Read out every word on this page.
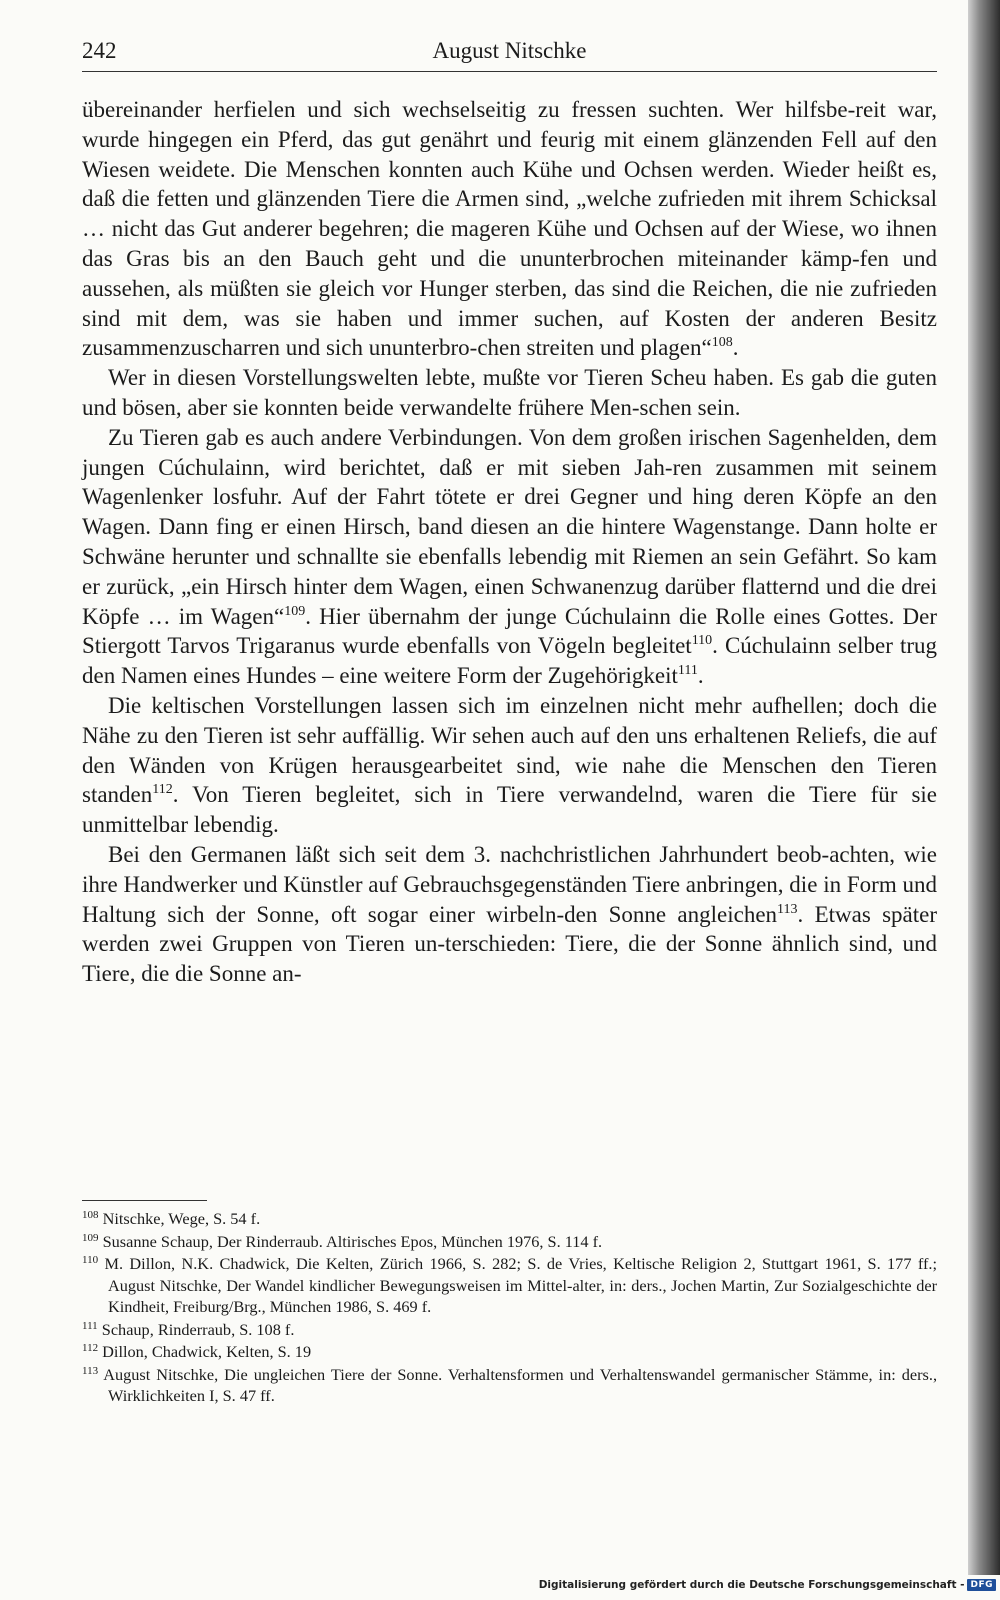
242	August Nitschke

übereinander herfielen und sich wechselseitig zu fressen suchten. Wer hilfsbe-reit war, wurde hingegen ein Pferd, das gut genährt und feurig mit einem glänzenden Fell auf den Wiesen weidete. Die Menschen konnten auch Kühe und Ochsen werden. Wieder heißt es, daß die fetten und glänzenden Tiere die Armen sind, „welche zufrieden mit ihrem Schicksal … nicht das Gut anderer begehren; die mageren Kühe und Ochsen auf der Wiese, wo ihnen das Gras bis an den Bauch geht und die ununterbrochen miteinander kämp-fen und aussehen, als müßten sie gleich vor Hunger sterben, das sind die Reichen, die nie zufrieden sind mit dem, was sie haben und immer suchen, auf Kosten der anderen Besitz zusammenzuscharren und sich ununterbro-chen streiten und plagen“$^{108}$.

Wer in diesen Vorstellungswelten lebte, mußte vor Tieren Scheu haben. Es gab die guten und bösen, aber sie konnten beide verwandelte frühere Men-schen sein.

Zu Tieren gab es auch andere Verbindungen. Von dem großen irischen Sagenhelden, dem jungen Cúchulainn, wird berichtet, daß er mit sieben Jah-ren zusammen mit seinem Wagenlenker losfuhr. Auf der Fahrt tötete er drei Gegner und hing deren Köpfe an den Wagen. Dann fing er einen Hirsch, band diesen an die hintere Wagenstange. Dann holte er Schwäne herunter und schnallte sie ebenfalls lebendig mit Riemen an sein Gefährt. So kam er zurück, „ein Hirsch hinter dem Wagen, einen Schwanenzug darüber flatternd und die drei Köpfe … im Wagen“$^{109}$. Hier übernahm der junge Cúchulainn die Rolle eines Gottes. Der Stiergott Tarvos Trigaranus wurde ebenfalls von Vögeln begleitet$^{110}$. Cúchulainn selber trug den Namen eines Hundes – eine weitere Form der Zugehörigkeit$^{111}$.

Die keltischen Vorstellungen lassen sich im einzelnen nicht mehr aufhellen; doch die Nähe zu den Tieren ist sehr auffällig. Wir sehen auch auf den uns erhaltenen Reliefs, die auf den Wänden von Krügen herausgearbeitet sind, wie nahe die Menschen den Tieren standen$^{112}$. Von Tieren begleitet, sich in Tiere verwandelnd, waren die Tiere für sie unmittelbar lebendig.

Bei den Germanen läßt sich seit dem 3. nachchristlichen Jahrhundert beob-achten, wie ihre Handwerker und Künstler auf Gebrauchsgegenständen Tiere anbringen, die in Form und Haltung sich der Sonne, oft sogar einer wirbeln-den Sonne angleichen$^{113}$. Etwas später werden zwei Gruppen von Tieren un-terschieden: Tiere, die der Sonne ähnlich sind, und Tiere, die die Sonne an-

$^{108}$ Nitschke, Wege, S. 54 f.
$^{109}$ Susanne Schaup, Der Rinderraub. Altirisches Epos, München 1976, S. 114 f.
$^{110}$ M. Dillon, N.K. Chadwick, Die Kelten, Zürich 1966, S. 282; S. de Vries, Keltische Religion 2, Stuttgart 1961, S. 177 ff.; August Nitschke, Der Wandel kindlicher Bewegungsweisen im Mittel-alter, in: ders., Jochen Martin, Zur Sozialgeschichte der Kindheit, Freiburg/Brg., München 1986, S. 469 f.
$^{111}$ Schaup, Rinderraub, S. 108 f.
$^{112}$ Dillon, Chadwick, Kelten, S. 19
$^{113}$ August Nitschke, Die ungleichen Tiere der Sonne. Verhaltensformen und Verhaltenswandel germanischer Stämme, in: ders., Wirklichkeiten I, S. 47 ff.
Digitalisierung gefördert durch die Deutsche Forschungsgemeinschaft - DFG
